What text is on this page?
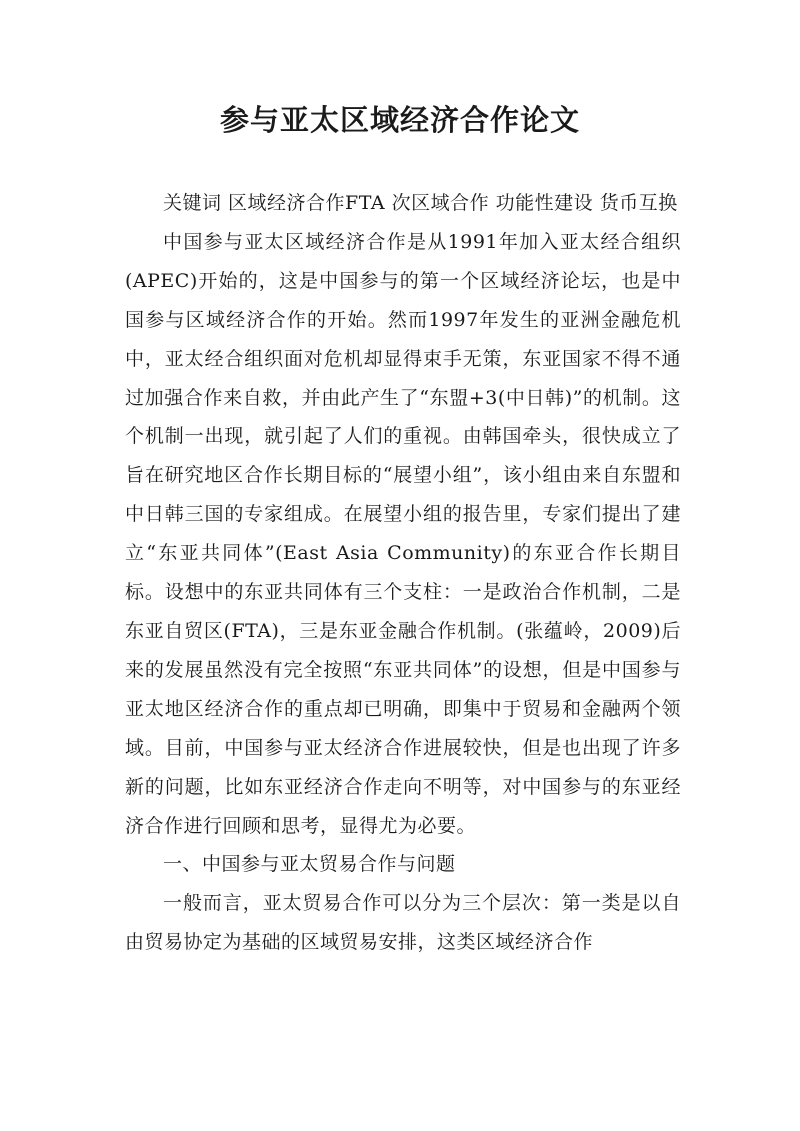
参与亚太区域经济合作论文

关键词 区域经济合作FTA 次区域合作 功能性建设 货币互换

中国参与亚太区域经济合作是从1991年加入亚太经合组织(APEC)开始的，这是中国参与的第一个区域经济论坛，也是中国参与区域经济合作的开始。然而1997年发生的亚洲金融危机中，亚太经合组织面对危机却显得束手无策，东亚国家不得不通过加强合作来自救，并由此产生了“东盟+3(中日韩)”的机制。这个机制一出现，就引起了人们的重视。由韩国牵头，很快成立了旨在研究地区合作长期目标的“展望小组”，该小组由来自东盟和中日韩三国的专家组成。在展望小组的报告里，专家们提出了建立“东亚共同体”(East Asia Community)的东亚合作长期目标。设想中的东亚共同体有三个支柱：一是政治合作机制，二是东亚自贸区(FTA)，三是东亚金融合作机制。(张蕴岭，2009)后来的发展虽然没有完全按照“东亚共同体”的设想，但是中国参与亚太地区经济合作的重点却已明确，即集中于贸易和金融两个领域。目前，中国参与亚太经济合作进展较快，但是也出现了许多新的问题，比如东亚经济合作走向不明等，对中国参与的东亚经济合作进行回顾和思考，显得尤为必要。

一、中国参与亚太贸易合作与问题

一般而言，亚太贸易合作可以分为三个层次：第一类是以自由贸易协定为基础的区域贸易安排，这类区域经济合作
